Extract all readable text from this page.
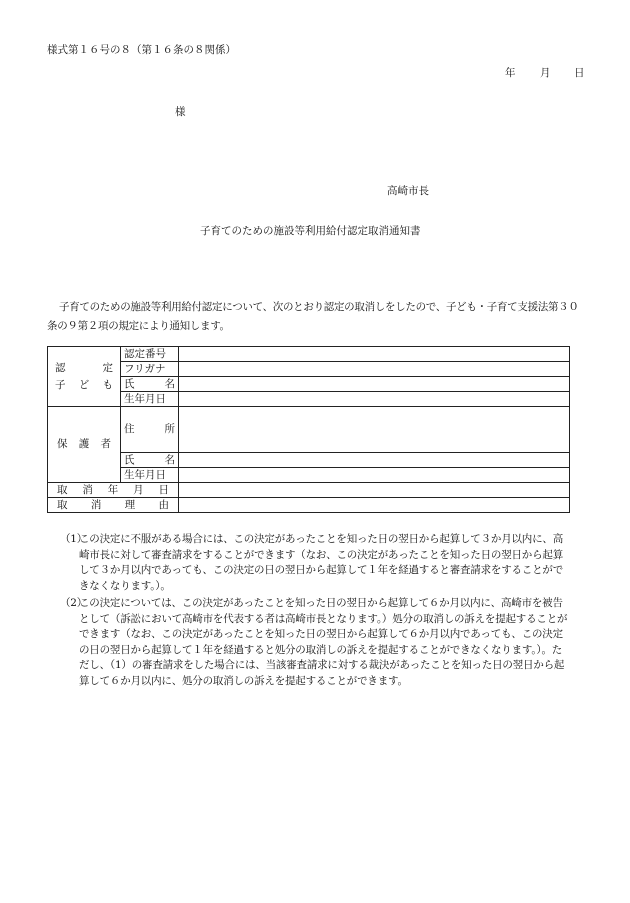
様式第１６号の８（第１６条の８関係）
年 月 日
様
高崎市長
子育てのための施設等利用給付認定取消通知書
子育てのための施設等利用給付認定について、次のとおり認定の取消しをしたので、子ども・子育て支援法第３０条の９第２項の規定により通知します。
認 定
子 ど も	認定番号	
	フリガナ	

	氏 名	

	生年月日	

保 護 者	住 所	

	氏 名	

	生年月日	

取 消 年 月 日		

取 消 理 由		

（1）
この決定に不服がある場合には、この決定があったことを知った日の翌日から起算して３か月以内に、高崎市長に対して審査請求をすることができます（なお、この決定があったことを知った日の翌日から起算して３か月以内であっても、この決定の日の翌日から起算して１年を経過すると審査請求をすることができなくなります。）。
（2）
この決定については、この決定があったことを知った日の翌日から起算して６か月以内に、高崎市を被告として（訴訟において高崎市を代表する者は高崎市長となります。）処分の取消しの訴えを提起することができます（なお、この決定があったことを知った日の翌日から起算して６か月以内であっても、この決定の日の翌日から起算して１年を経過すると処分の取消しの訴えを提起することができなくなります。）。ただし、（1）の審査請求をした場合には、当該審査請求に対する裁決があったことを知った日の翌日から起算して６か月以内に、処分の取消しの訴えを提起することができます。
